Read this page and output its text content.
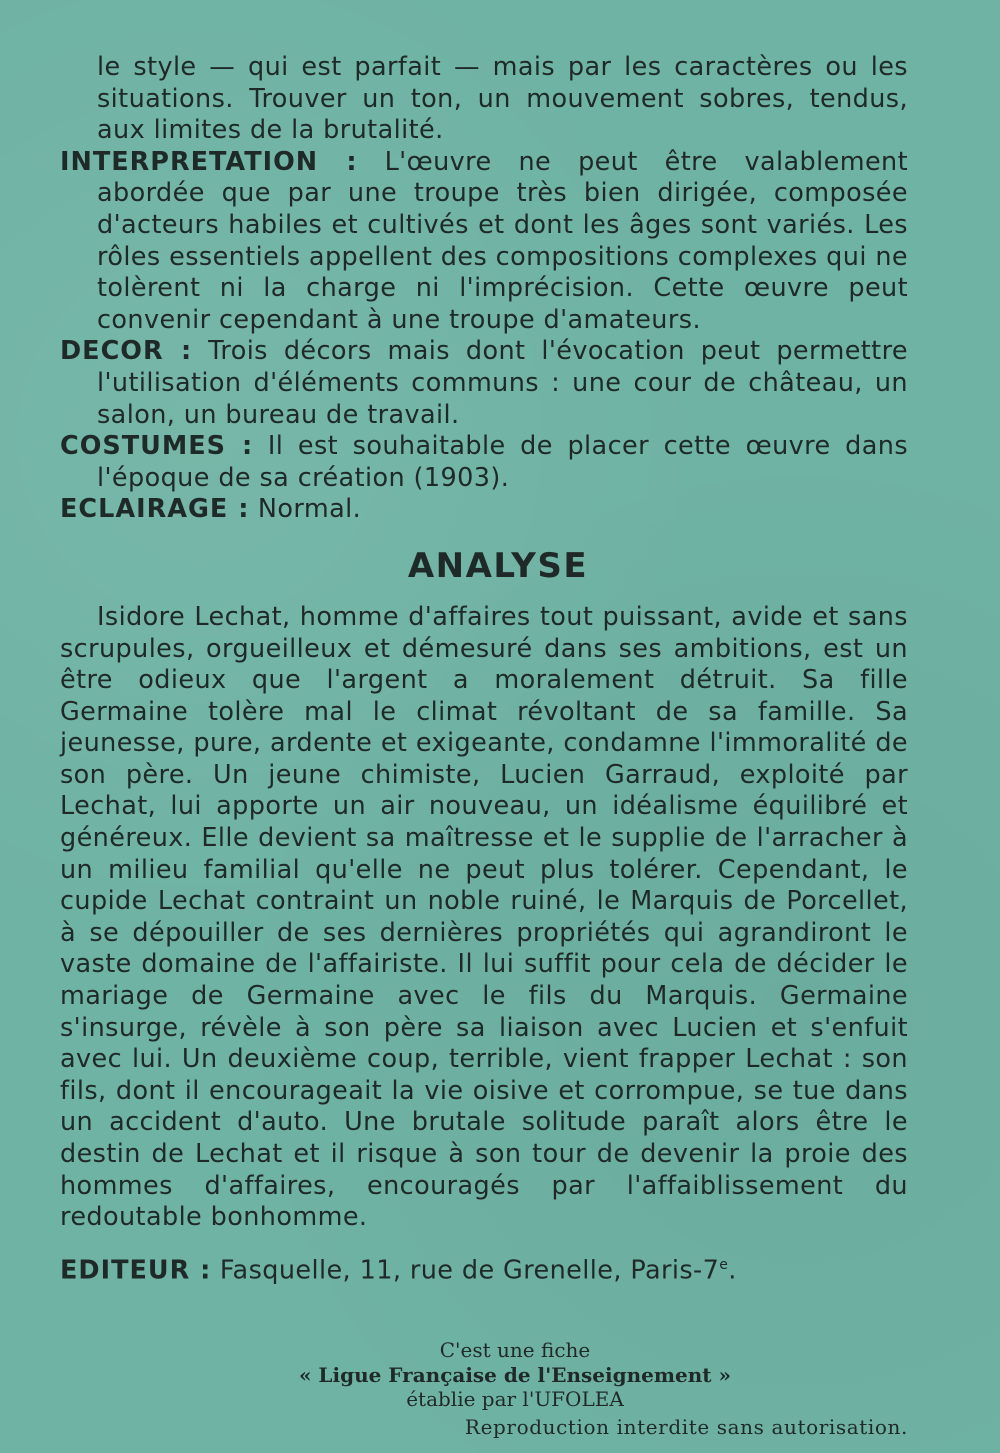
le style — qui est parfait — mais par les caractères ou les situations. Trouver un ton, un mouvement sobres, tendus, aux limites de la brutalité.

INTERPRETATION : L'œuvre ne peut être valablement abordée que par une troupe très bien dirigée, composée d'acteurs habiles et cultivés et dont les âges sont variés. Les rôles essentiels appellent des compositions complexes qui ne tolèrent ni la charge ni l'imprécision. Cette œuvre peut convenir cependant à une troupe d'amateurs.

DECOR : Trois décors mais dont l'évocation peut permettre l'utilisation d'éléments communs : une cour de château, un salon, un bureau de travail.

COSTUMES : Il est souhaitable de placer cette œuvre dans l'époque de sa création (1903).

ECLAIRAGE : Normal.

ANALYSE

Isidore Lechat, homme d'affaires tout puissant, avide et sans scrupules, orgueilleux et démesuré dans ses ambitions, est un être odieux que l'argent a moralement détruit. Sa fille Germaine tolère mal le climat révoltant de sa famille. Sa jeunesse, pure, ardente et exigeante, condamne l'immoralité de son père. Un jeune chimiste, Lucien Garraud, exploité par Lechat, lui apporte un air nouveau, un idéalisme équilibré et généreux. Elle devient sa maîtresse et le supplie de l'arracher à un milieu familial qu'elle ne peut plus tolérer. Cependant, le cupide Lechat contraint un noble ruiné, le Marquis de Porcellet, à se dépouiller de ses dernières propriétés qui agrandiront le vaste domaine de l'affairiste. Il lui suffit pour cela de décider le mariage de Germaine avec le fils du Marquis. Germaine s'insurge, révèle à son père sa liaison avec Lucien et s'enfuit avec lui. Un deuxième coup, terrible, vient frapper Lechat : son fils, dont il encourageait la vie oisive et corrompue, se tue dans un accident d'auto. Une brutale solitude paraît alors être le destin de Lechat et il risque à son tour de devenir la proie des hommes d'affaires, encouragés par l'affaiblissement du redoutable bonhomme.

EDITEUR : Fasquelle, 11, rue de Grenelle, Paris-7e.

C'est une fiche
« Ligue Française de l'Enseignement »
établie par l'UFOLEA
Reproduction interdite sans autorisation.
